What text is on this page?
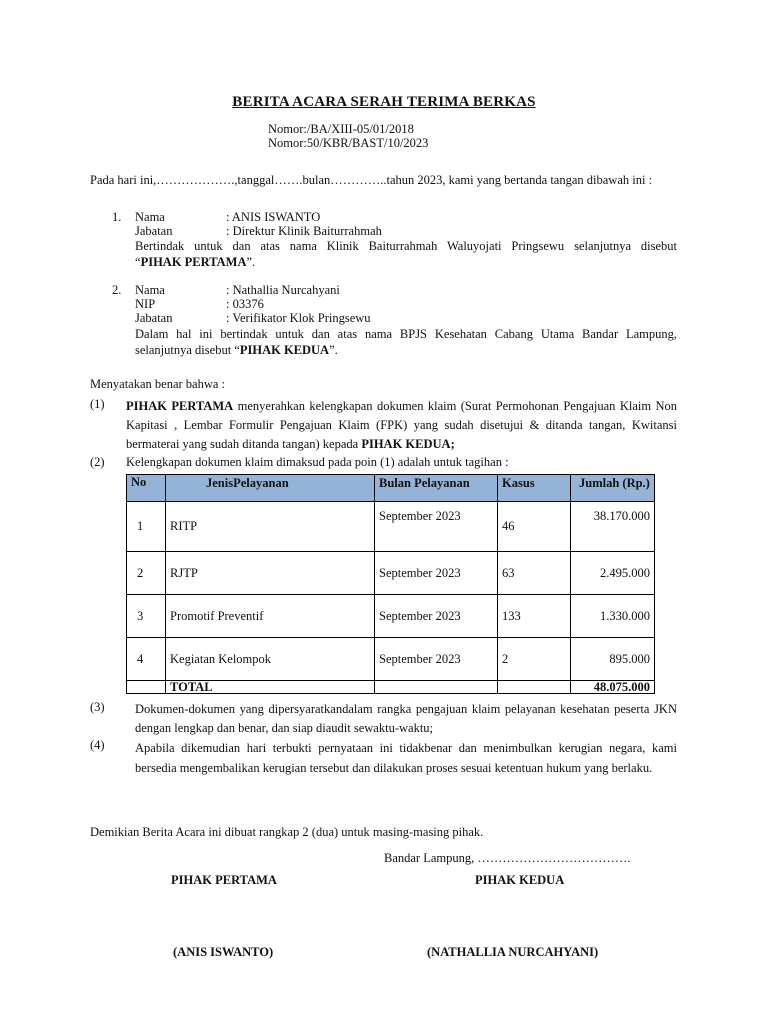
BERITA ACARA SERAH TERIMA BERKAS
Nomor:/BA/XIII-05/01/2018
Nomor:50/KBR/BAST/10/2023
Pada hari ini,……………….,tanggal…….bulan…………..tahun 2023, kami yang bertanda tangan dibawah ini :
1. Nama	: ANIS ISWANTO
Jabatan	: Direktur Klinik Baiturrahmah
Bertindak untuk dan atas nama Klinik Baiturrahmah Waluyojati Pringsewu selanjutnya disebut
“PIHAK PERTAMA”.
2. Nama	: Nathallia Nurcahyani
NIP	: 03376
Jabatan	: Verifikator Klok Pringsewu
Dalam hal ini bertindak untuk dan atas nama BPJS Kesehatan Cabang Utama Bandar Lampung,
selanjutnya disebut “PIHAK KEDUA”.
Menyatakan benar bahwa :
(1) PIHAK PERTAMA menyerahkan kelengkapan dokumen klaim (Surat Permohonan Pengajuan Klaim Non Kapitasi , Lembar Formulir Pengajuan Klaim (FPK) yang sudah disetujui & ditanda tangan, Kwitansi bermaterai yang sudah ditanda tangan) kepada PIHAK KEDUA;
(2) Kelengkapan dokumen klaim dimaksud pada poin (1) adalah untuk tagihan :
No	JenisPelayanan	Bulan Pelayanan	Kasus	Jumlah (Rp.)
1	RITP	September 2023	46	38.170.000
2	RJTP	September 2023	63	2.495.000
3	Promotif Preventif	September 2023	133	1.330.000
4	Kegiatan Kelompok	September 2023	2	895.000
	TOTAL			48.075.000
(3) Dokumen-dokumen yang dipersyaratkandalam rangka pengajuan klaim pelayanan kesehatan peserta JKN dengan lengkap dan benar, dan siap diaudit sewaktu-waktu;
(4) Apabila dikemudian hari terbukti pernyataan ini tidakbenar dan menimbulkan kerugian negara, kami bersedia mengembalikan kerugian tersebut dan dilakukan proses sesuai ketentuan hukum yang berlaku.
Demikian Berita Acara ini dibuat rangkap 2 (dua) untuk masing-masing pihak.
Bandar Lampung, ……………………………….
PIHAK PERTAMA	PIHAK KEDUA
(ANIS ISWANTO)	(NATHALLIA NURCAHYANI)
